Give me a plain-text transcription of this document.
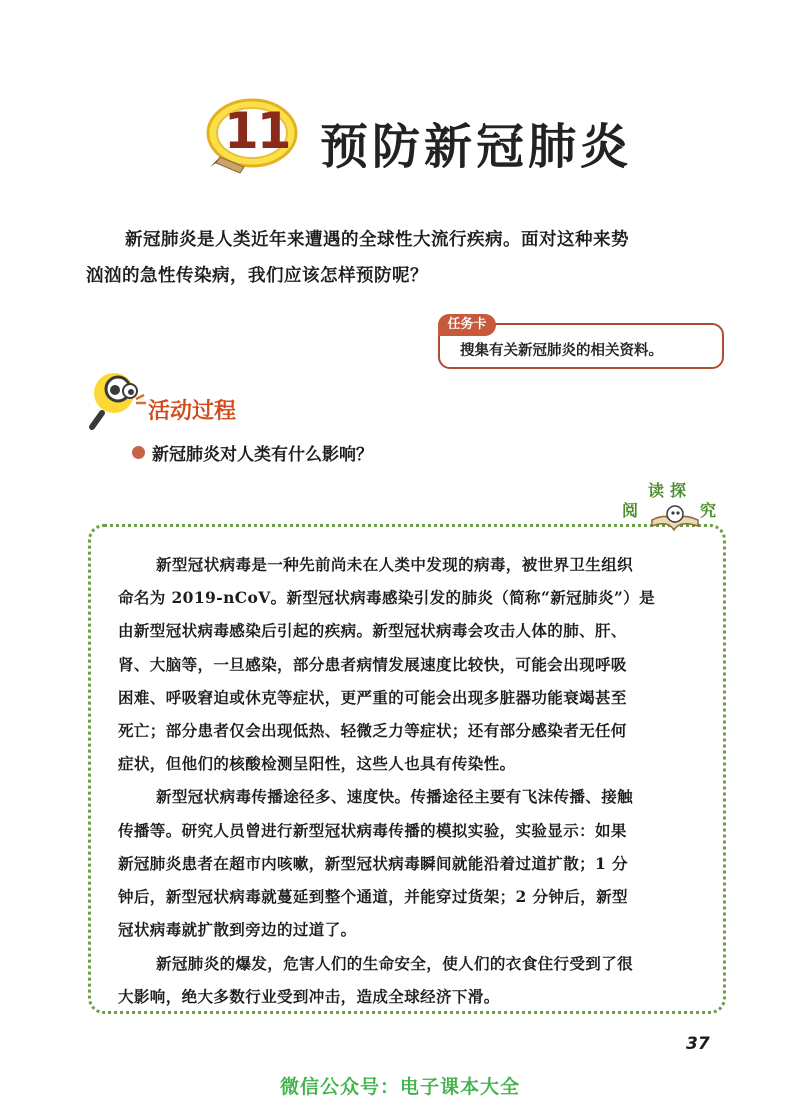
11 预防新冠肺炎
新冠肺炎是人类近年来遭遇的全球性大流行疾病。面对这种来势
汹汹的急性传染病，我们应该怎样预防呢？
任务卡
搜集有关新冠肺炎的相关资料。
活动过程
新冠肺炎对人类有什么影响？
阅
读 探
究
新型冠状病毒是一种先前尚未在人类中发现的病毒，被世界卫生组织
命名为 2019-nCoV。新型冠状病毒感染引发的肺炎（简称“新冠肺炎”）是
由新型冠状病毒感染后引起的疾病。新型冠状病毒会攻击人体的肺、肝、
肾、大脑等，一旦感染，部分患者病情发展速度比较快，可能会出现呼吸
困难、呼吸窘迫或休克等症状，更严重的可能会出现多脏器功能衰竭甚至
死亡；部分患者仅会出现低热、轻微乏力等症状；还有部分感染者无任何
症状，但他们的核酸检测呈阳性，这些人也具有传染性。
新型冠状病毒传播途径多、速度快。传播途径主要有飞沫传播、接触
传播等。研究人员曾进行新型冠状病毒传播的模拟实验，实验显示：如果
新冠肺炎患者在超市内咳嗽，新型冠状病毒瞬间就能沿着过道扩散；1 分
钟后，新型冠状病毒就蔓延到整个通道，并能穿过货架；2 分钟后，新型
冠状病毒就扩散到旁边的过道了。
新冠肺炎的爆发，危害人们的生命安全，使人们的衣食住行受到了很
大影响，绝大多数行业受到冲击，造成全球经济下滑。
37
微信公众号：电子课本大全
